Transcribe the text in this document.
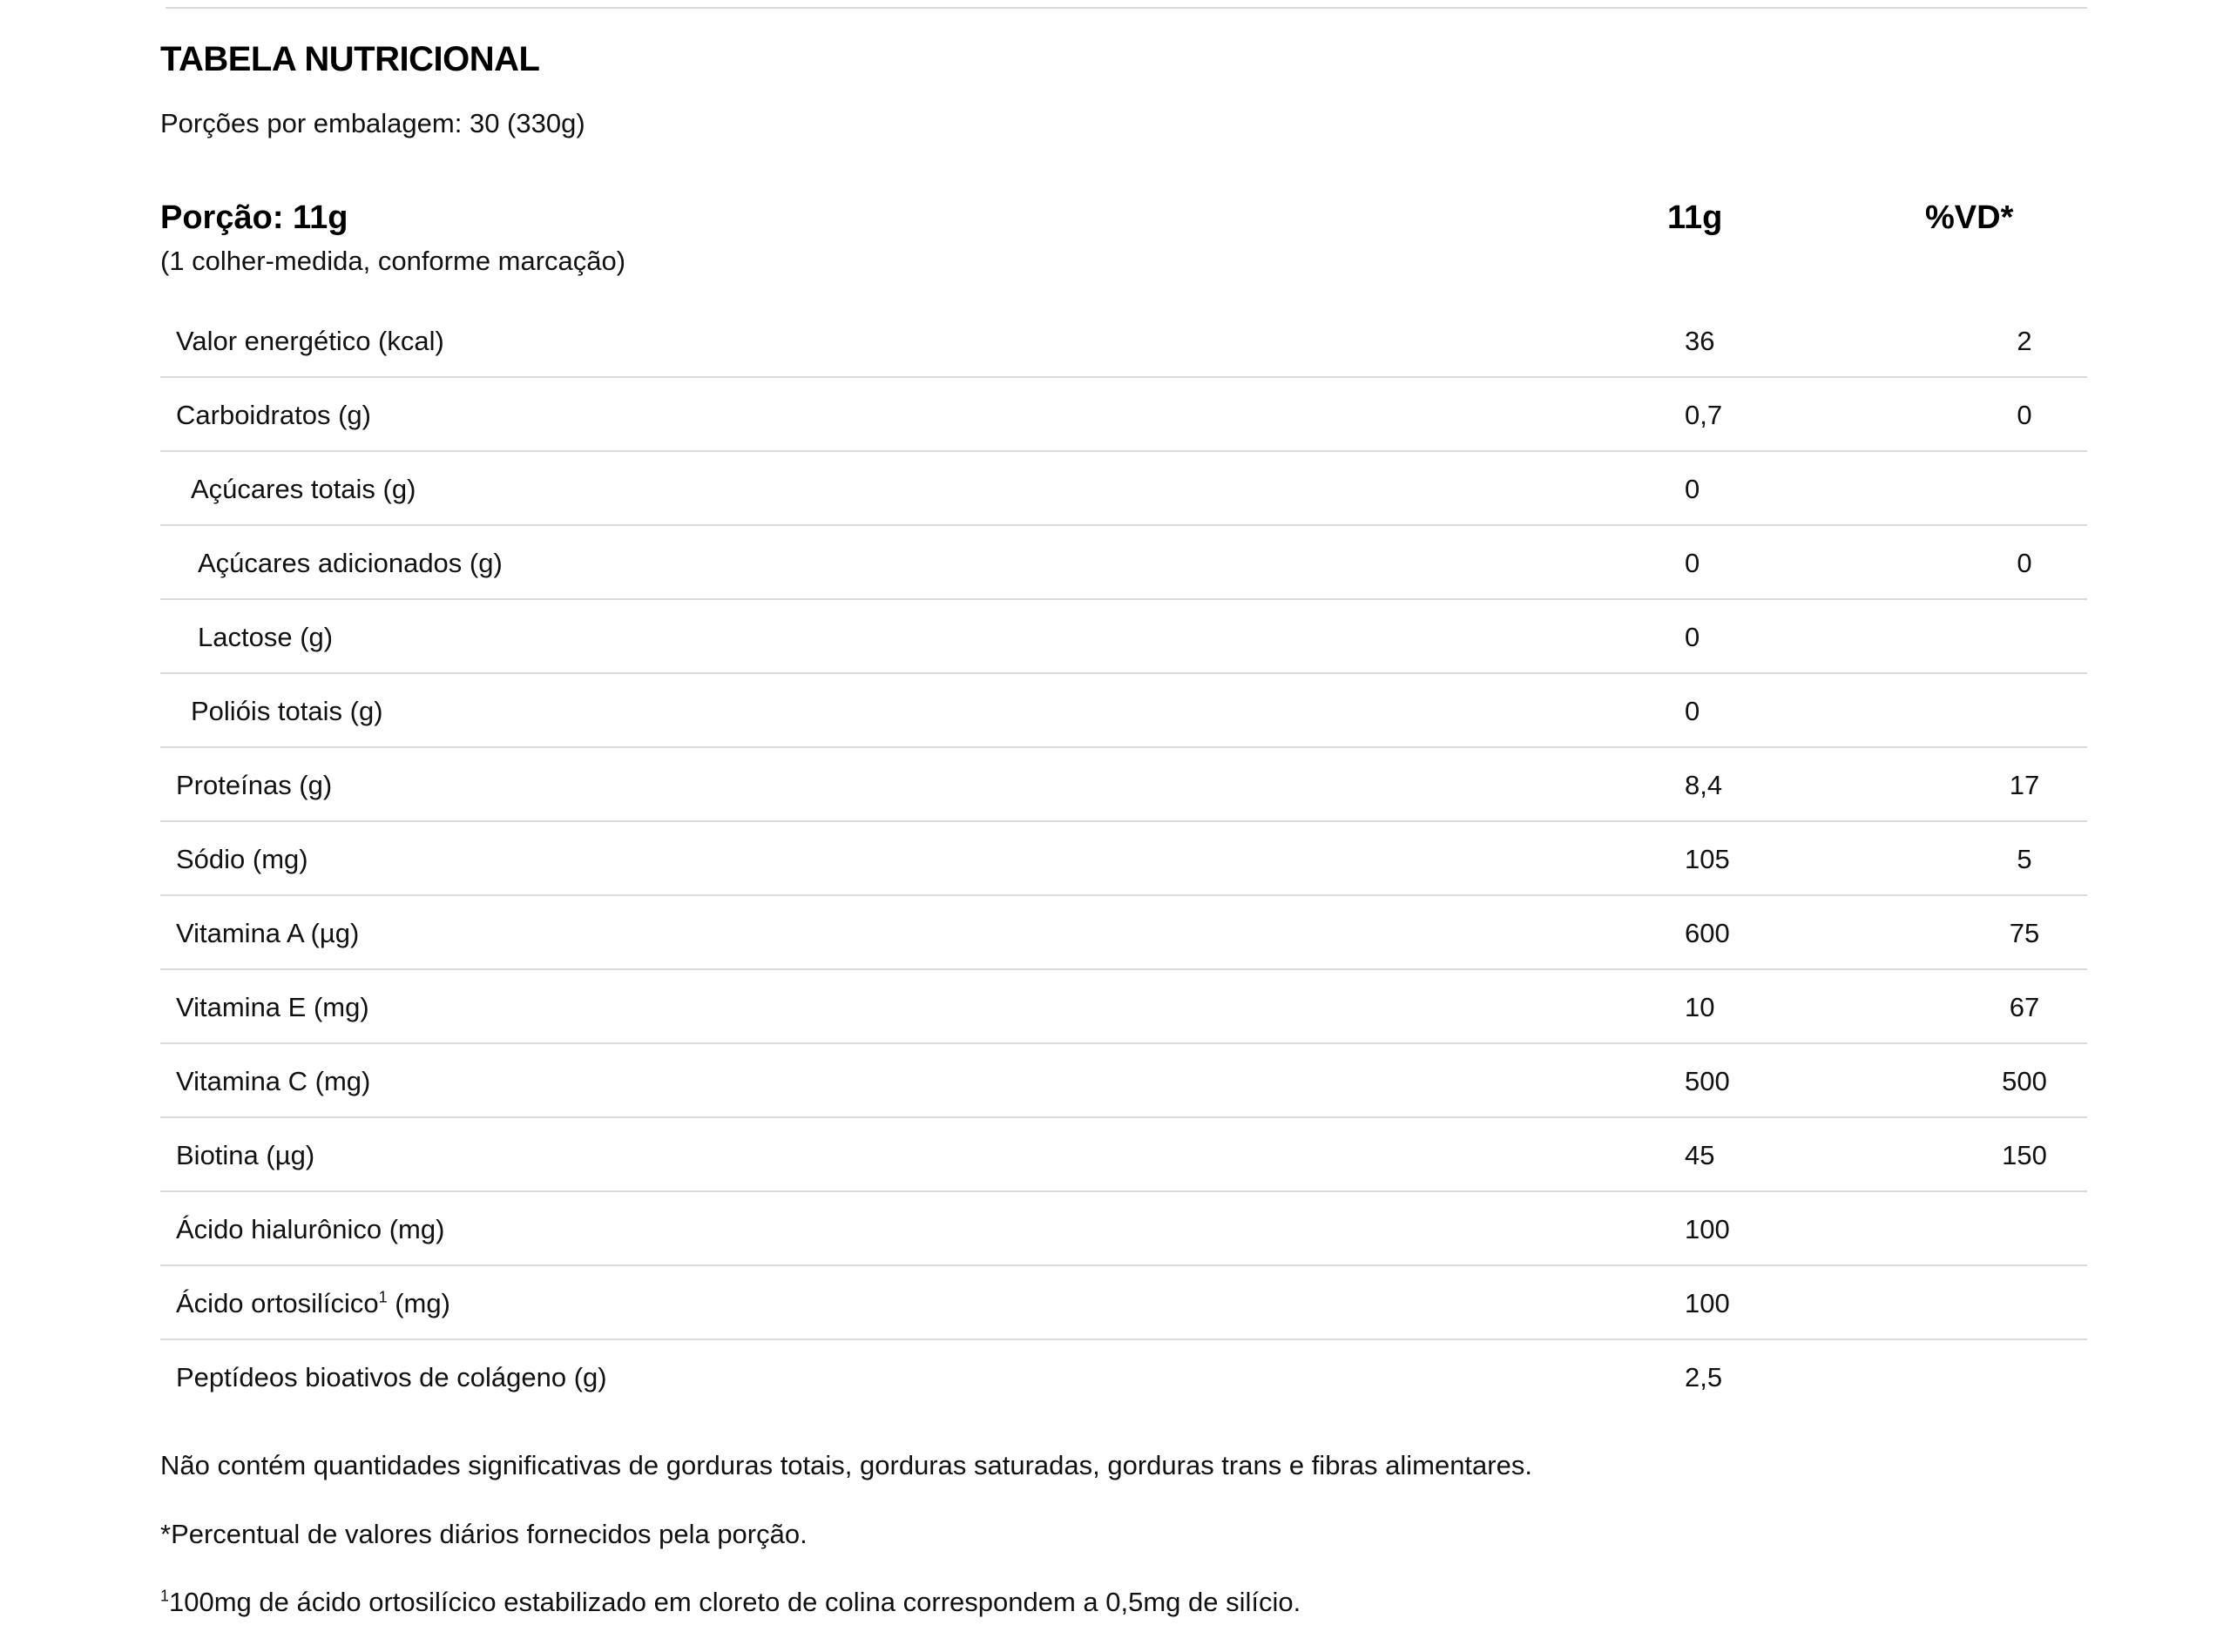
TABELA NUTRICIONAL
Porções por embalagem: 30 (330g)
Porção: 11g
(1 colher-medida, conforme marcação)
11g	%VD*
Valor energético (kcal)	36	2
Carboidratos (g)	0,7	0
Açúcares totais (g)	0
Açúcares adicionados (g)	0	0
Lactose (g)	0
Polióis totais (g)	0
Proteínas (g)	8,4	17
Sódio (mg)	105	5
Vitamina A (µg)	600	75
Vitamina E (mg)	10	67
Vitamina C (mg)	500	500
Biotina (µg)	45	150
Ácido hialurônico (mg)	100
Ácido ortosilícico$^1$ (mg)	100
Peptídeos bioativos de colágeno (g)	2,5
Não contém quantidades significativas de gorduras totais, gorduras saturadas, gorduras trans e fibras alimentares.
*Percentual de valores diários fornecidos pela porção.
$^1$100mg de ácido ortosilícico estabilizado em cloreto de colina correspondem a 0,5mg de silício.
